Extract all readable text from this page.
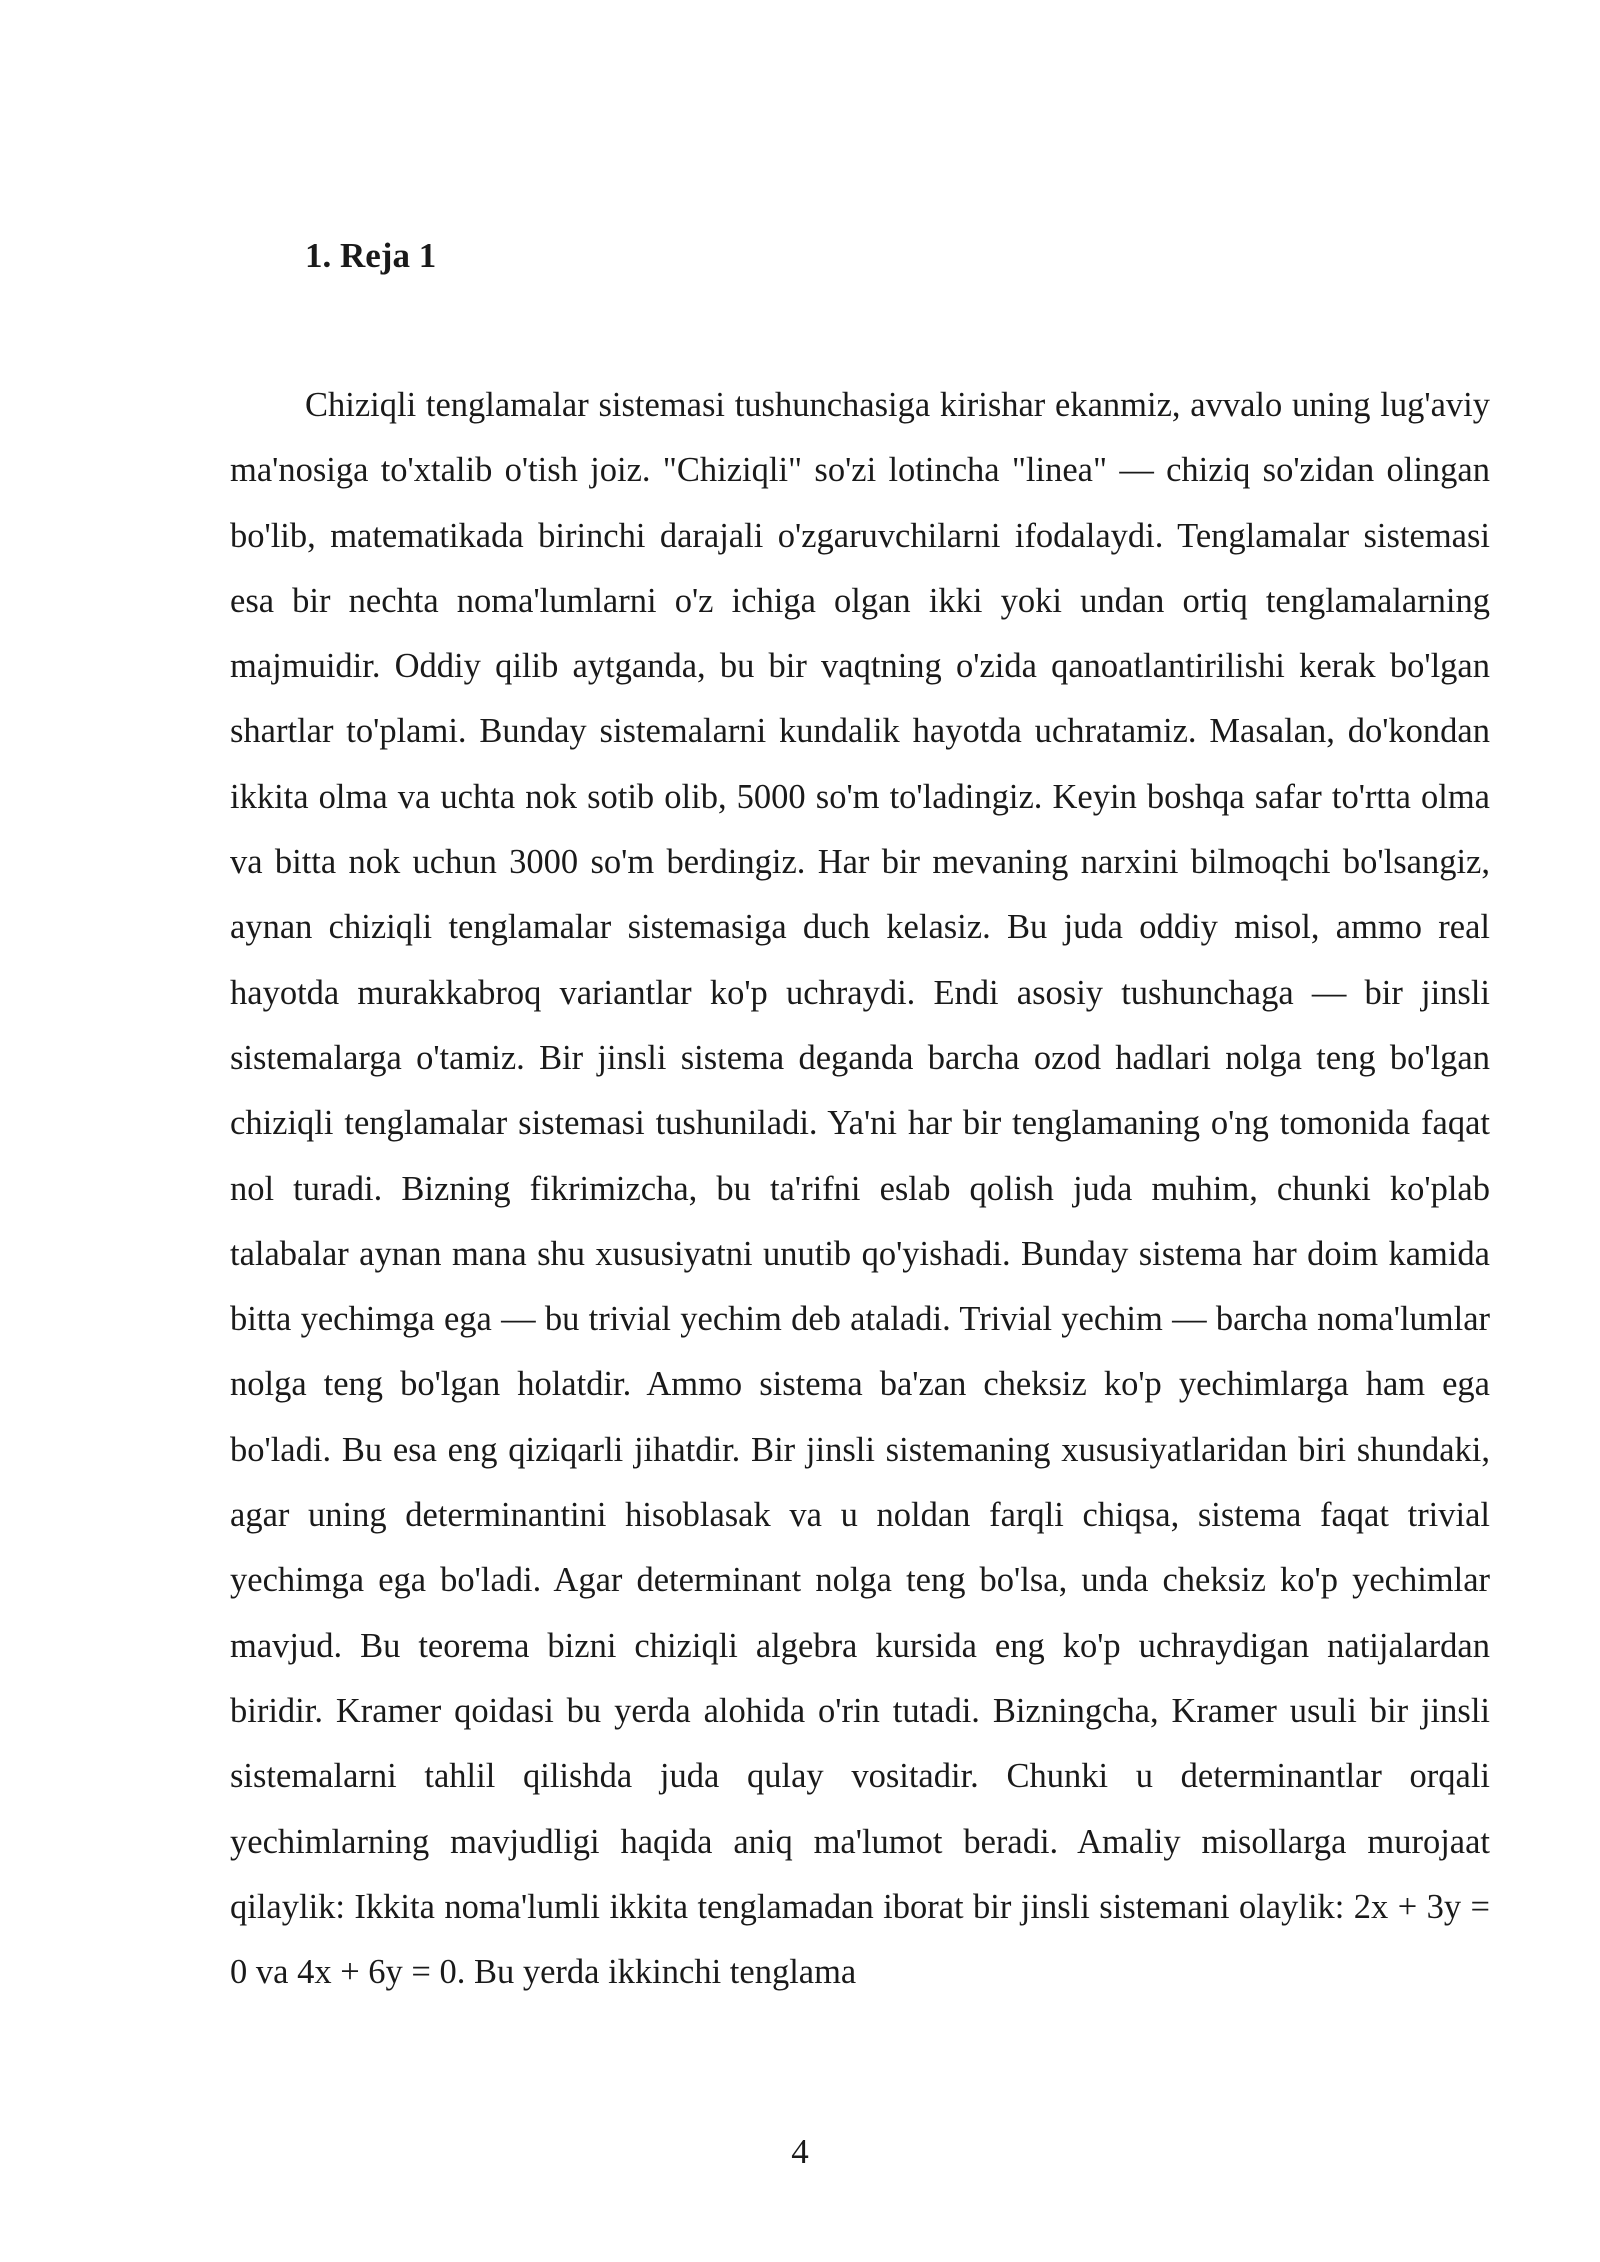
1. Reja 1

Chiziqli tenglamalar sistemasi tushunchasiga kirishar ekanmiz, avvalo uning lug'aviy ma'nosiga to'xtalib o'tish joiz. "Chiziqli" so'zi lotincha "linea" — chiziq so'zidan olingan bo'lib, matematikada birinchi darajali o'zgaruvchilarni ifodalaydi. Tenglamalar sistemasi esa bir nechta noma'lumlarni o'z ichiga olgan ikki yoki undan ortiq tenglamalarning majmuidir. Oddiy qilib aytganda, bu bir vaqtning o'zida qanoatlantirilishi kerak bo'lgan shartlar to'plami. Bunday sistemalarni kundalik hayotda uchratamiz. Masalan, do'kondan ikkita olma va uchta nok sotib olib, 5000 so'm to'ladingiz. Keyin boshqa safar to'rtta olma va bitta nok uchun 3000 so'm berdingiz. Har bir mevaning narxini bilmoqchi bo'lsangiz, aynan chiziqli tenglamalar sistemasiga duch kelasiz. Bu juda oddiy misol, ammo real hayotda murakkabroq variantlar ko'p uchraydi. Endi asosiy tushunchaga — bir jinsli sistemalarga o'tamiz. Bir jinsli sistema deganda barcha ozod hadlari nolga teng bo'lgan chiziqli tenglamalar sistemasi tushuniladi. Ya'ni har bir tenglamaning o'ng tomonida faqat nol turadi. Bizning fikrimizcha, bu ta'rifni eslab qolish juda muhim, chunki ko'plab talabalar aynan mana shu xususiyatni unutib qo'yishadi. Bunday sistema har doim kamida bitta yechimga ega — bu trivial yechim deb ataladi. Trivial yechim — barcha noma'lumlar nolga teng bo'lgan holatdir. Ammo sistema ba'zan cheksiz ko'p yechimlarga ham ega bo'ladi. Bu esa eng qiziqarli jihatdir. Bir jinsli sistemaning xususiyatlaridan biri shundaki, agar uning determinantini hisoblasak va u noldan farqli chiqsa, sistema faqat trivial yechimga ega bo'ladi. Agar determinant nolga teng bo'lsa, unda cheksiz ko'p yechimlar mavjud. Bu teorema bizni chiziqli algebra kursida eng ko'p uchraydigan natijalardan biridir. Kramer qoidasi bu yerda alohida o'rin tutadi. Bizningcha, Kramer usuli bir jinsli sistemalarni tahlil qilishda juda qulay vositadir. Chunki u determinantlar orqali yechimlarning mavjudligi haqida aniq ma'lumot beradi. Amaliy misollarga murojaat qilaylik: Ikkita noma'lumli ikkita tenglamadan iborat bir jinsli sistemani olaylik: 2x + 3y = 0 va 4x + 6y = 0. Bu yerda ikkinchi tenglama

4
